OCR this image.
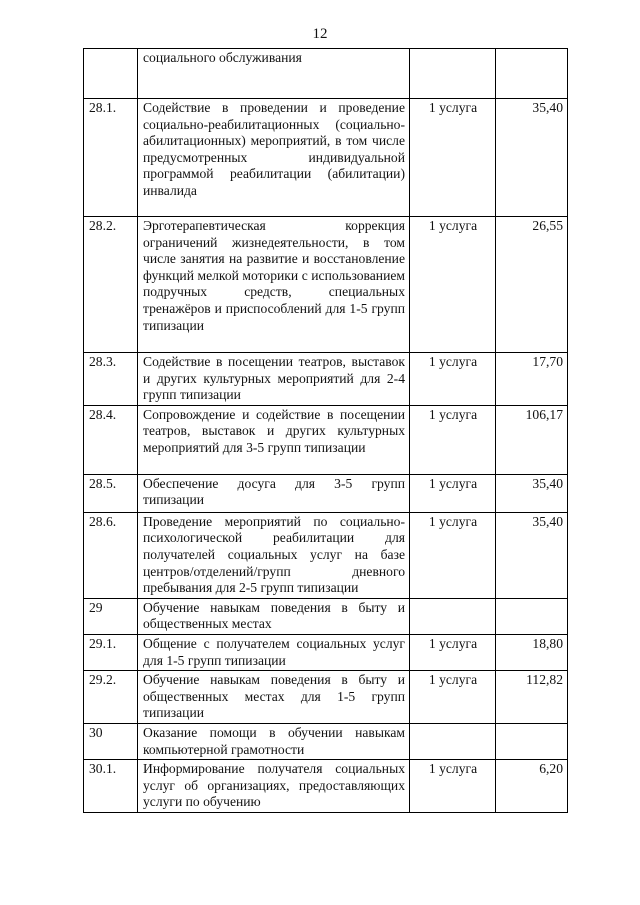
12
	социального обслуживания		
28.1.	Содействие в проведении и проведение социально-реабилитационных (социально-абилитационных) мероприятий, в том числе предусмотренных индивидуальной программой реабилитации (абилитации) инвалида	1 услуга	35,40
28.2.	Эрготерапевтическая коррекция ограничений жизнедеятельности, в том числе занятия на развитие и восстановление функций мелкой моторики с использованием подручных средств, специальных тренажёров и приспособлений для 1-5 групп типизации	1 услуга	26,55
28.3.	Содействие в посещении театров, выставок и других культурных мероприятий для 2-4 групп типизации	1 услуга	17,70
28.4.	Сопровождение и содействие в посещении театров, выставок и других культурных мероприятий для 3-5 групп типизации	1 услуга	106,17
28.5.	Обеспечение досуга для 3-5 групп типизации	1 услуга	35,40
28.6.	Проведение мероприятий по социально-психологической реабилитации для получателей социальных услуг на базе центров/отделений/групп дневного пребывания для 2-5 групп типизации	1 услуга	35,40
29	Обучение навыкам поведения в быту и общественных местах		
29.1.	Общение с получателем социальных услуг для 1-5 групп типизации	1 услуга	18,80
29.2.	Обучение навыкам поведения в быту и общественных местах для 1-5 групп типизации	1 услуга	112,82
30	Оказание помощи в обучении навыкам компьютерной грамотности		
30.1.	Информирование получателя социальных услуг об организациях, предоставляющих услуги по обучению	1 услуга	6,20
